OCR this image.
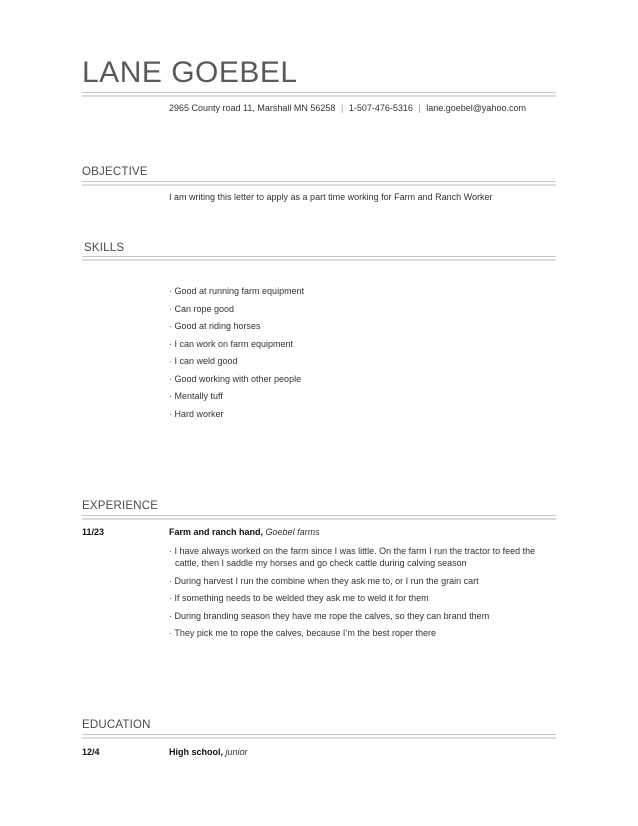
LANE GOEBEL
2965 County road 11, Marshall MN 56258 | 1-507-476-5316 | lane.goebel@yahoo.com
OBJECTIVE
I am writing this letter to apply as a part time working for Farm and Ranch Worker
SKILLS
· Good at running farm equipment
· Can rope good
· Good at riding horses
· I can work on farm equipment
· I can weld good
· Good working with other people
· Mentally tuff
· Hard worker
EXPERIENCE
11/23	Farm and ranch hand, Goebel farms
· I have always worked on the farm since I was little. On the farm I run the tractor to feed the cattle, then I saddle my horses and go check cattle during calving season
· During harvest I run the combine when they ask me to, or I run the grain cart
· If something needs to be welded they ask me to weld it for them
· During branding season they have me rope the calves, so they can brand them
· They pick me to rope the calves, because I’m the best roper there
EDUCATION
12/4	High school, junior
